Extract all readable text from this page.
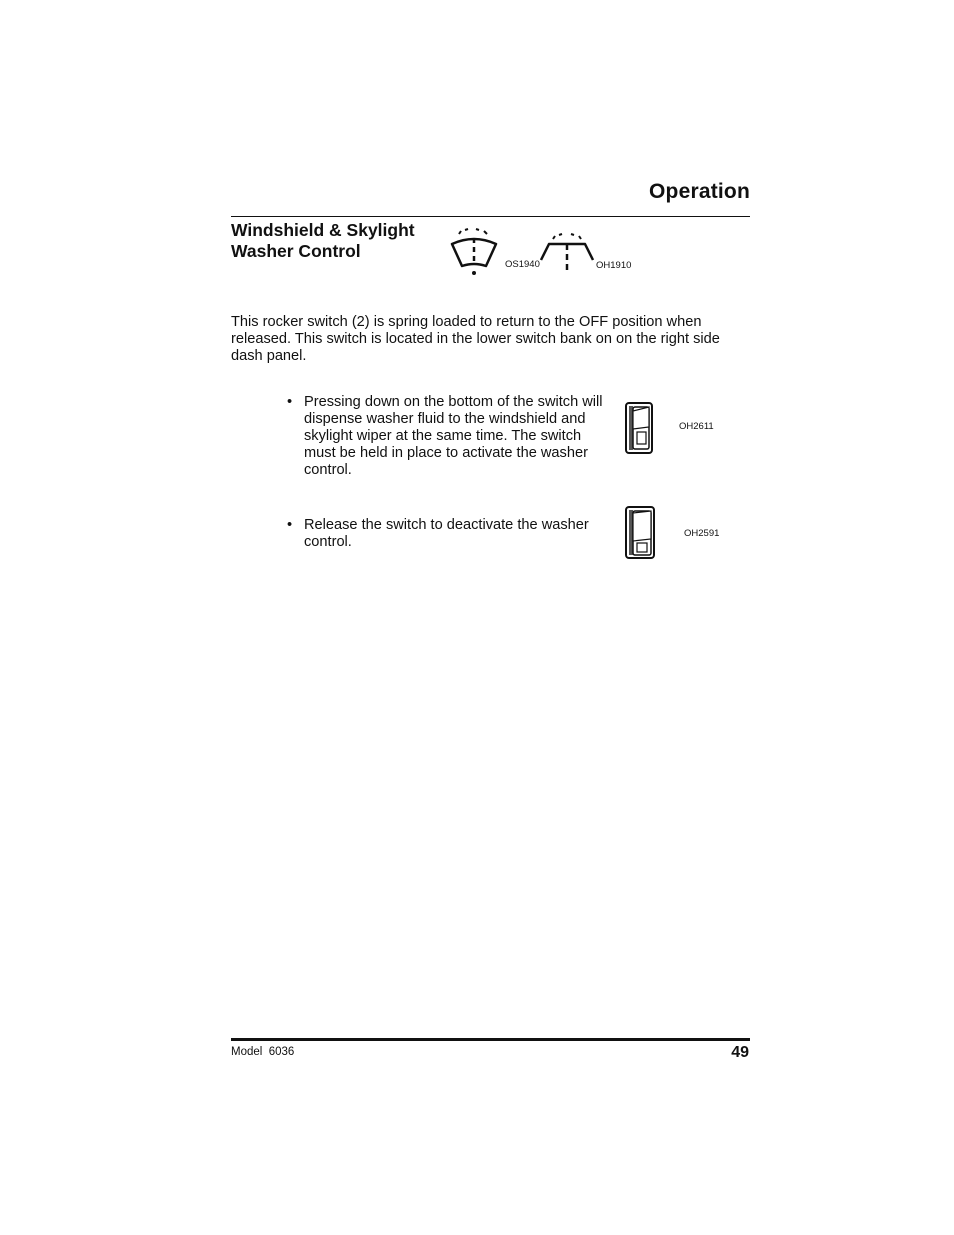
Operation
Windshield & Skylight
Washer Control
OS1940	OH1910

This rocker switch (2) is spring loaded to return to the OFF position when released. This switch is located in the lower switch bank on on the right side dash panel.

• Pressing down on the bottom of the switch will dispense washer fluid to the windshield and skylight wiper at the same time. The switch must be held in place to activate the washer control.
OH2611
• Release the switch to deactivate the washer control.
OH2591
Model  6036	49
